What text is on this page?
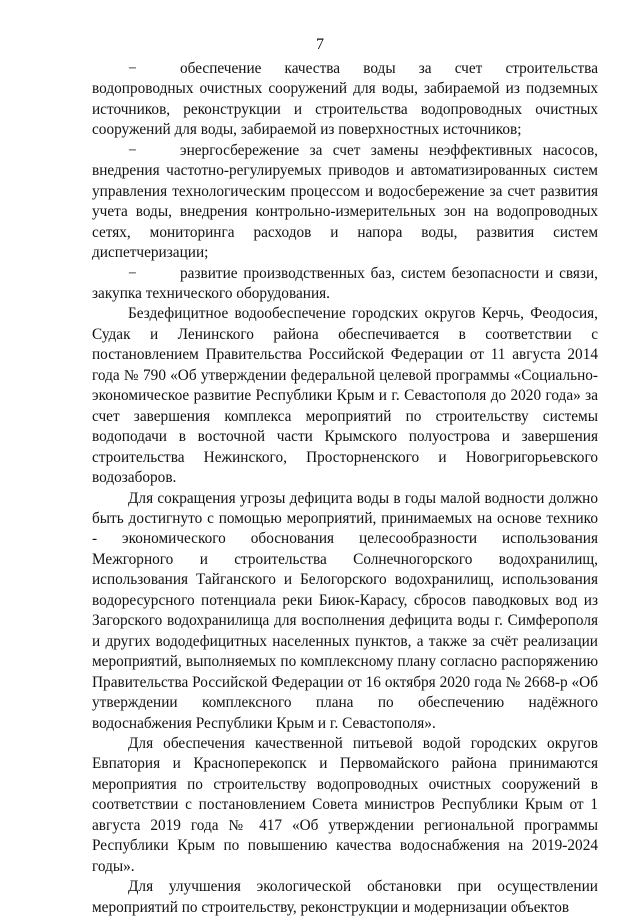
7

−	обеспечение качества воды за счет строительства водопроводных очистных сооружений для воды, забираемой из подземных источников, реконструкции и строительства водопроводных очистных сооружений для воды, забираемой из поверхностных источников;

−	энергосбережение за счет замены неэффективных насосов, внедрения частотно-регулируемых приводов и автоматизированных систем управления технологическим процессом и водосбережение за счет развития учета воды, внедрения контрольно-измерительных зон на водопроводных сетях, мониторинга расходов и напора воды, развития систем диспетчеризации;

−	развитие производственных баз, систем безопасности и связи, закупка технического оборудования.

Бездефицитное водообеспечение городских округов Керчь, Феодосия, Судак и Ленинского района обеспечивается в соответствии с постановлением Правительства Российской Федерации от 11 августа 2014 года № 790 «Об утверждении федеральной целевой программы «Социально-экономическое развитие Республики Крым и г. Севастополя до 2020 года» за счет завершения комплекса мероприятий по строительству системы водоподачи в восточной части Крымского полуострова и завершения строительства Нежинского, Просторненского и Новогригорьевского водозаборов.

Для сокращения угрозы дефицита воды в годы малой водности должно быть достигнуто с помощью мероприятий, принимаемых на основе технико - экономического обоснования целесообразности использования Межгорного и строительства Солнечногорского водохранилищ, использования Тайганского и Белогорского водохранилищ, использования водоресурсного потенциала реки Биюк-Карасу, сбросов паводковых вод из Загорского водохранилища для восполнения дефицита воды г. Симферополя и других вододефицитных населенных пунктов, а также за счёт реализации мероприятий, выполняемых по комплексному плану согласно распоряжению Правительства Российской Федерации от 16 октября 2020 года № 2668-р «Об утверждении комплексного плана по обеспечению надёжного водоснабжения Республики Крым и г. Севастополя».

Для обеспечения качественной питьевой водой городских округов Евпатория и Красноперекопск и Первомайского района принимаются мероприятия по строительству водопроводных очистных сооружений в соответствии с постановлением Совета министров Республики Крым от 1 августа 2019 года № 417 «Об утверждении региональной программы Республики Крым по повышению качества водоснабжения на 2019-2024 годы».

Для улучшения экологической обстановки при осуществлении мероприятий по строительству, реконструкции и модернизации объектов
